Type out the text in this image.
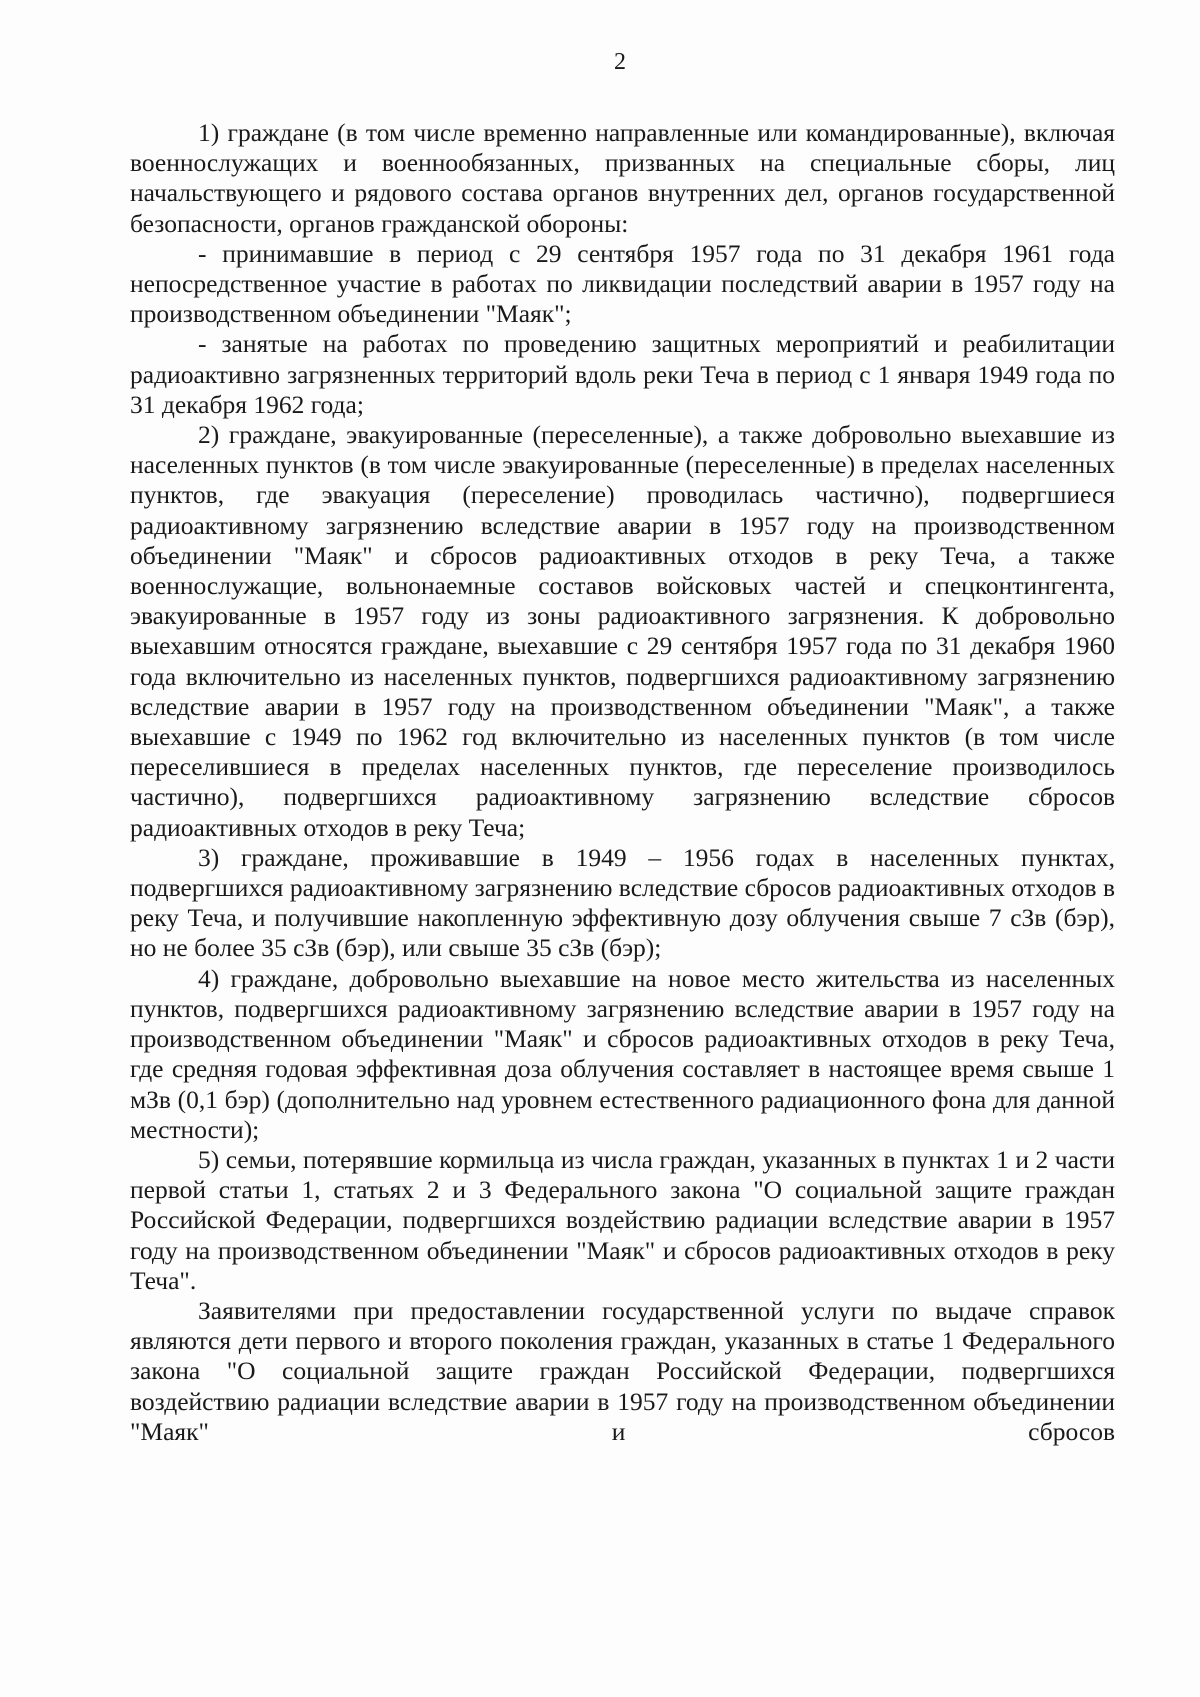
2

1) граждане (в том числе временно направленные или командированные), включая военнослужащих и военнообязанных, призванных на специальные сборы, лиц начальствующего и рядового состава органов внутренних дел, органов государственной безопасности, органов гражданской обороны:

- принимавшие в период с 29 сентября 1957 года по 31 декабря 1961 года непосредственное участие в работах по ликвидации последствий аварии в 1957 году на производственном объединении "Маяк";

- занятые на работах по проведению защитных мероприятий и реабилитации радиоактивно загрязненных территорий вдоль реки Теча в период с 1 января 1949 года по 31 декабря 1962 года;

2) граждане, эвакуированные (переселенные), а также добровольно выехавшие из населенных пунктов (в том числе эвакуированные (переселенные) в пределах населенных пунктов, где эвакуация (переселение) проводилась частично), подвергшиеся радиоактивному загрязнению вследствие аварии в 1957 году на производственном объединении "Маяк" и сбросов радиоактивных отходов в реку Теча, а также военнослужащие, вольнонаемные составов войсковых частей и спецконтингента, эвакуированные в 1957 году из зоны радиоактивного загрязнения. К добровольно выехавшим относятся граждане, выехавшие с 29 сентября 1957 года по 31 декабря 1960 года включительно из населенных пунктов, подвергшихся радиоактивному загрязнению вследствие аварии в 1957 году на производственном объединении "Маяк", а также выехавшие с 1949 по 1962 год включительно из населенных пунктов (в том числе переселившиеся в пределах населенных пунктов, где переселение производилось частично), подвергшихся радиоактивному загрязнению вследствие сбросов радиоактивных отходов в реку Теча;

3) граждане, проживавшие в 1949 – 1956 годах в населенных пунктах, подвергшихся радиоактивному загрязнению вследствие сбросов радиоактивных отходов в реку Теча, и получившие накопленную эффективную дозу облучения свыше 7 сЗв (бэр), но не более 35 сЗв (бэр), или свыше 35 сЗв (бэр);

4) граждане, добровольно выехавшие на новое место жительства из населенных пунктов, подвергшихся радиоактивному загрязнению вследствие аварии в 1957 году на производственном объединении "Маяк" и сбросов радиоактивных отходов в реку Теча, где средняя годовая эффективная доза облучения составляет в настоящее время свыше 1 мЗв (0,1 бэр) (дополнительно над уровнем естественного радиационного фона для данной местности);

5) семьи, потерявшие кормильца из числа граждан, указанных в пунктах 1 и 2 части первой статьи 1, статьях 2 и 3 Федерального закона "О социальной защите граждан Российской Федерации, подвергшихся воздействию радиации вследствие аварии в 1957 году на производственном объединении "Маяк" и сбросов радиоактивных отходов в реку Теча".

Заявителями при предоставлении государственной услуги по выдаче справок являются дети первого и второго поколения граждан, указанных в статье 1 Федерального закона "О социальной защите граждан Российской Федерации, подвергшихся воздействию радиации вследствие аварии в 1957 году на производственном объединении "Маяк" и сбросов
